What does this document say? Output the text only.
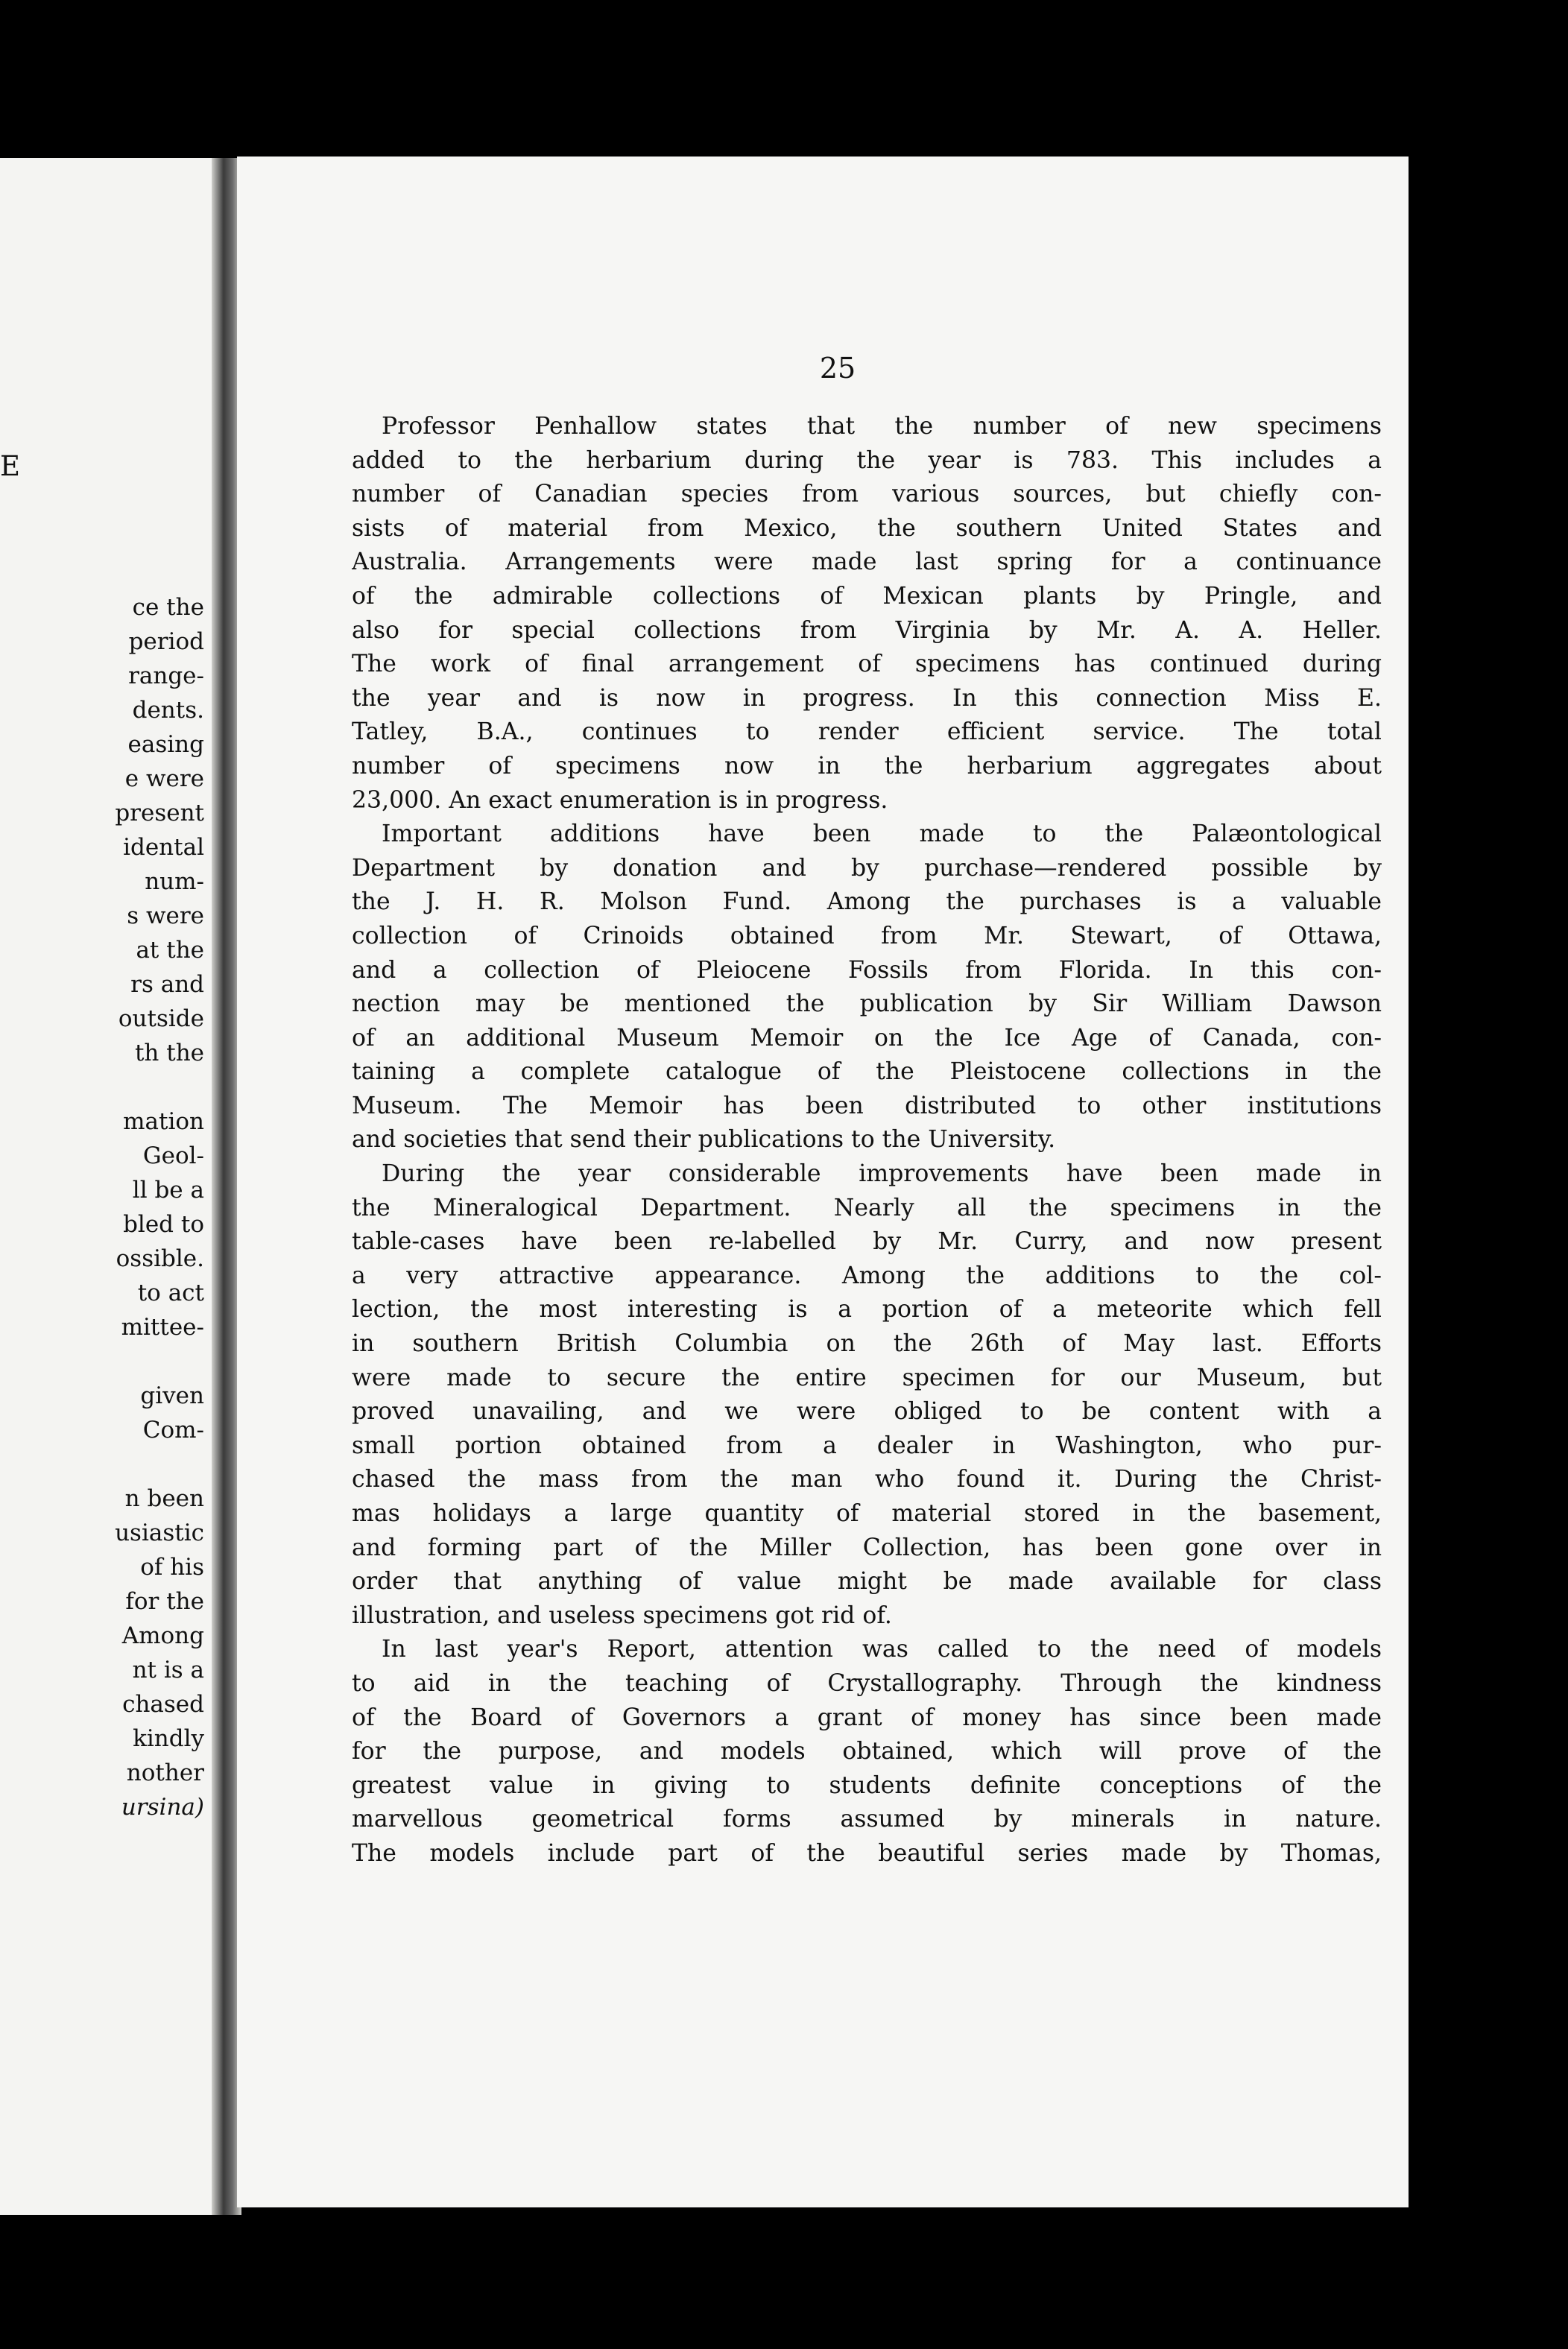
E
ce the
period
range-
dents.
easing
e were
present
idental
num-
s were
at the
rs and
outside
th the
mation
Geol-
ll be a
bled to
ossible.
to act
mittee-
given
Com-
n been
usiastic
of his
for the
Among
nt is a
chased
kindly
nother
ursina)
25
Professor Penhallow states that the number of new specimens
added to the herbarium during the year is 783. This includes a
number of Canadian species from various sources, but chiefly con-
sists of material from Mexico, the southern United States and
Australia. Arrangements were made last spring for a continuance
of the admirable collections of Mexican plants by Pringle, and
also for special collections from Virginia by Mr. A. A. Heller.
The work of final arrangement of specimens has continued during
the year and is now in progress. In this connection Miss E.
Tatley, B.A., continues to render efficient service. The total
number of specimens now in the herbarium aggregates about
23,000. An exact enumeration is in progress.
Important additions have been made to the Palæontological
Department by donation and by purchase—rendered possible by
the J. H. R. Molson Fund. Among the purchases is a valuable
collection of Crinoids obtained from Mr. Stewart, of Ottawa,
and a collection of Pleiocene Fossils from Florida. In this con-
nection may be mentioned the publication by Sir William Dawson
of an additional Museum Memoir on the Ice Age of Canada, con-
taining a complete catalogue of the Pleistocene collections in the
Museum. The Memoir has been distributed to other institutions
and societies that send their publications to the University.
During the year considerable improvements have been made in
the Mineralogical Department. Nearly all the specimens in the
table-cases have been re-labelled by Mr. Curry, and now present
a very attractive appearance. Among the additions to the col-
lection, the most interesting is a portion of a meteorite which fell
in southern British Columbia on the 26th of May last. Efforts
were made to secure the entire specimen for our Museum, but
proved unavailing, and we were obliged to be content with a
small portion obtained from a dealer in Washington, who pur-
chased the mass from the man who found it. During the Christ-
mas holidays a large quantity of material stored in the basement,
and forming part of the Miller Collection, has been gone over in
order that anything of value might be made available for class
illustration, and useless specimens got rid of.
In last year's Report, attention was called to the need of models
to aid in the teaching of Crystallography. Through the kindness
of the Board of Governors a grant of money has since been made
for the purpose, and models obtained, which will prove of the
greatest value in giving to students definite conceptions of the
marvellous geometrical forms assumed by minerals in nature.
The models include part of the beautiful series made by Thomas,
